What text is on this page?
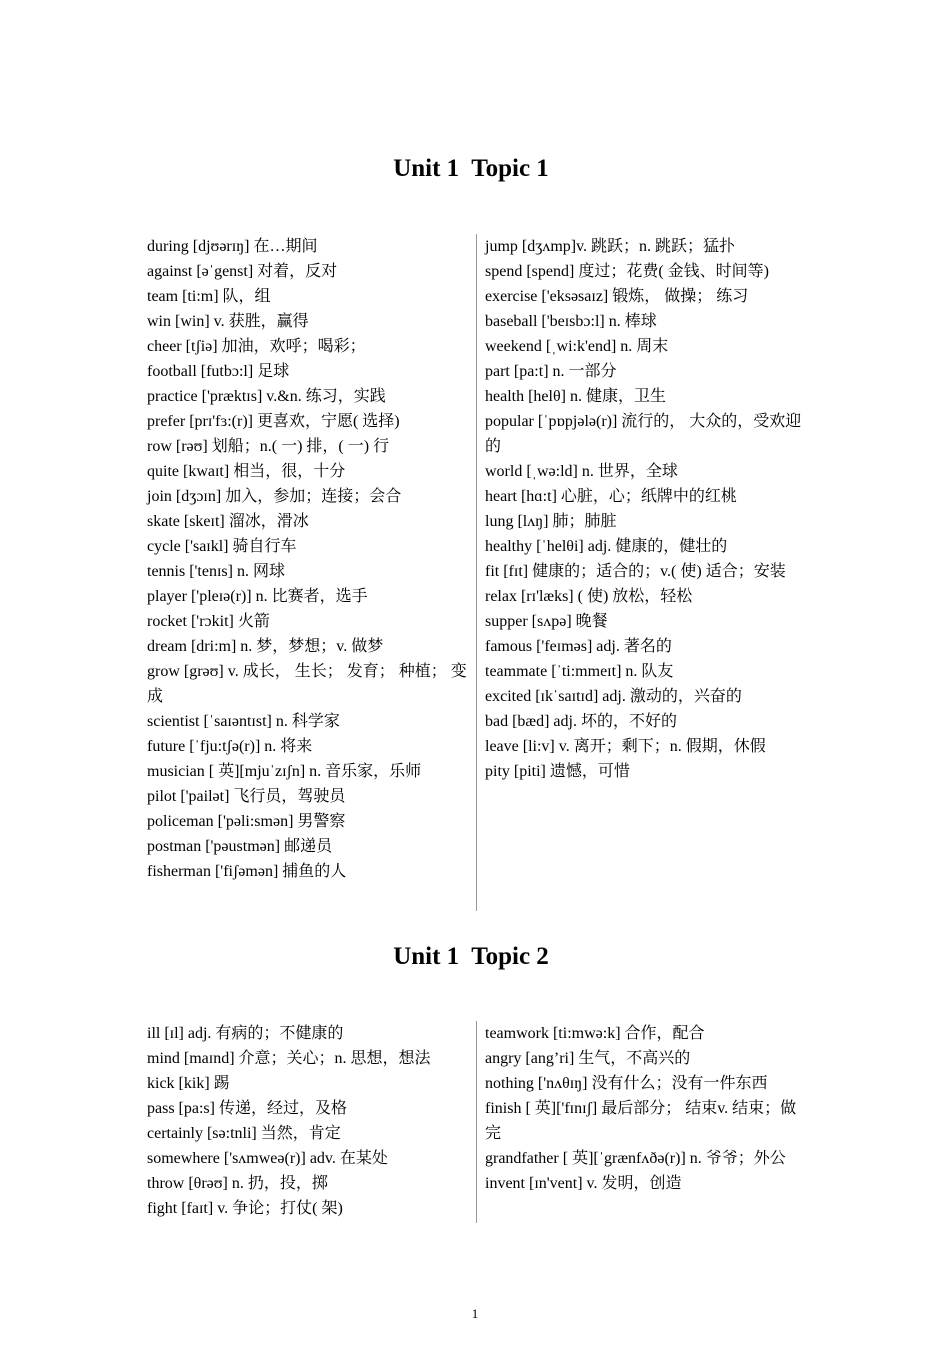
Unit 1  Topic 1
during [djʊərɪŋ] 在…期间
against [əˈgenst] 对着，反对
team [ti:m] 队，组
win [win] v. 获胜，赢得
cheer [tʃiə] 加油，欢呼；喝彩；
football [futbɔ:l] 足球
practice ['præktɪs] v.&n. 练习，实践
prefer [prɪ'fɜ:(r)] 更喜欢，宁愿( 选择)
row [rəʊ] 划船；n.( 一) 排，( 一) 行
quite [kwaɪt] 相当，很，十分
join [dʒɔɪn] 加入，参加；连接；会合
skate [skeɪt] 溜冰，滑冰
cycle ['saɪkl] 骑自行车
tennis ['tenɪs] n. 网球
player ['pleɪə(r)] n. 比赛者，选手
rocket ['rɔkit] 火箭
dream [dri:m] n. 梦，梦想；v. 做梦
grow [grəʊ] v. 成长， 生长； 发育； 种植； 变成
scientist [ˈsaɪəntɪst] n. 科学家
future [ˈfju:tʃə(r)] n. 将来
musician [ 英][mjuˈzɪʃn] n. 音乐家，乐师
pilot ['pailət] 飞行员，驾驶员
policeman ['pəli:smən] 男警察
postman ['pəustmən] 邮递员
fisherman ['fiʃəmən] 捕鱼的人
jump [dʒʌmp]v. 跳跃；n. 跳跃；猛扑
spend [spend] 度过；花费( 金钱、时间等)
exercise ['eksəsaɪz] 锻炼， 做操； 练习
baseball ['beɪsbɔ:l] n. 棒球
weekend [ˌwi:k'end] n. 周末
part [pa:t] n. 一部分
health [helθ] n. 健康，卫生
popular [ˈpɒpjələ(r)] 流行的， 大众的，受欢迎的
world [ˌwə:ld] n. 世界，全球
heart [hɑ:t] 心脏，心；纸牌中的红桃
lung [lʌŋ] 肺；肺脏
healthy [ˈhelθi] adj. 健康的，健壮的
fit [fɪt] 健康的；适合的；v.( 使) 适合；安装
relax [rɪ'læks] ( 使) 放松，轻松
supper [sʌpə] 晚餐
famous ['feɪməs] adj. 著名的
teammate [ˈti:mmeɪt] n. 队友
excited [ɪkˈsaɪtɪd] adj. 激动的，兴奋的
bad [bæd] adj. 坏的，不好的
leave [li:v] v. 离开；剩下；n. 假期，休假
pity [piti] 遗憾，可惜
Unit 1  Topic 2
ill [ɪl] adj. 有病的；不健康的
mind [maɪnd] 介意；关心；n. 思想，想法
kick [kik] 踢
pass [pa:s] 传递，经过，及格
certainly [sə:tnli] 当然，肯定
somewhere ['sʌmweə(r)] adv. 在某处
throw [θrəʊ] n. 扔，投，掷
fight [faɪt] v. 争论；打仗( 架)
teamwork [ti:mwə:k] 合作，配合
angry [ang’ri] 生气，不高兴的
nothing ['nʌθɪŋ] 没有什么；没有一件东西
finish [ 英]['fɪnɪʃ] 最后部分； 结束v. 结束；做完
grandfather [ 英][ˈgrænfʌðə(r)] n. 爷爷；外公
invent [ɪn'vent] v. 发明，创造
1
